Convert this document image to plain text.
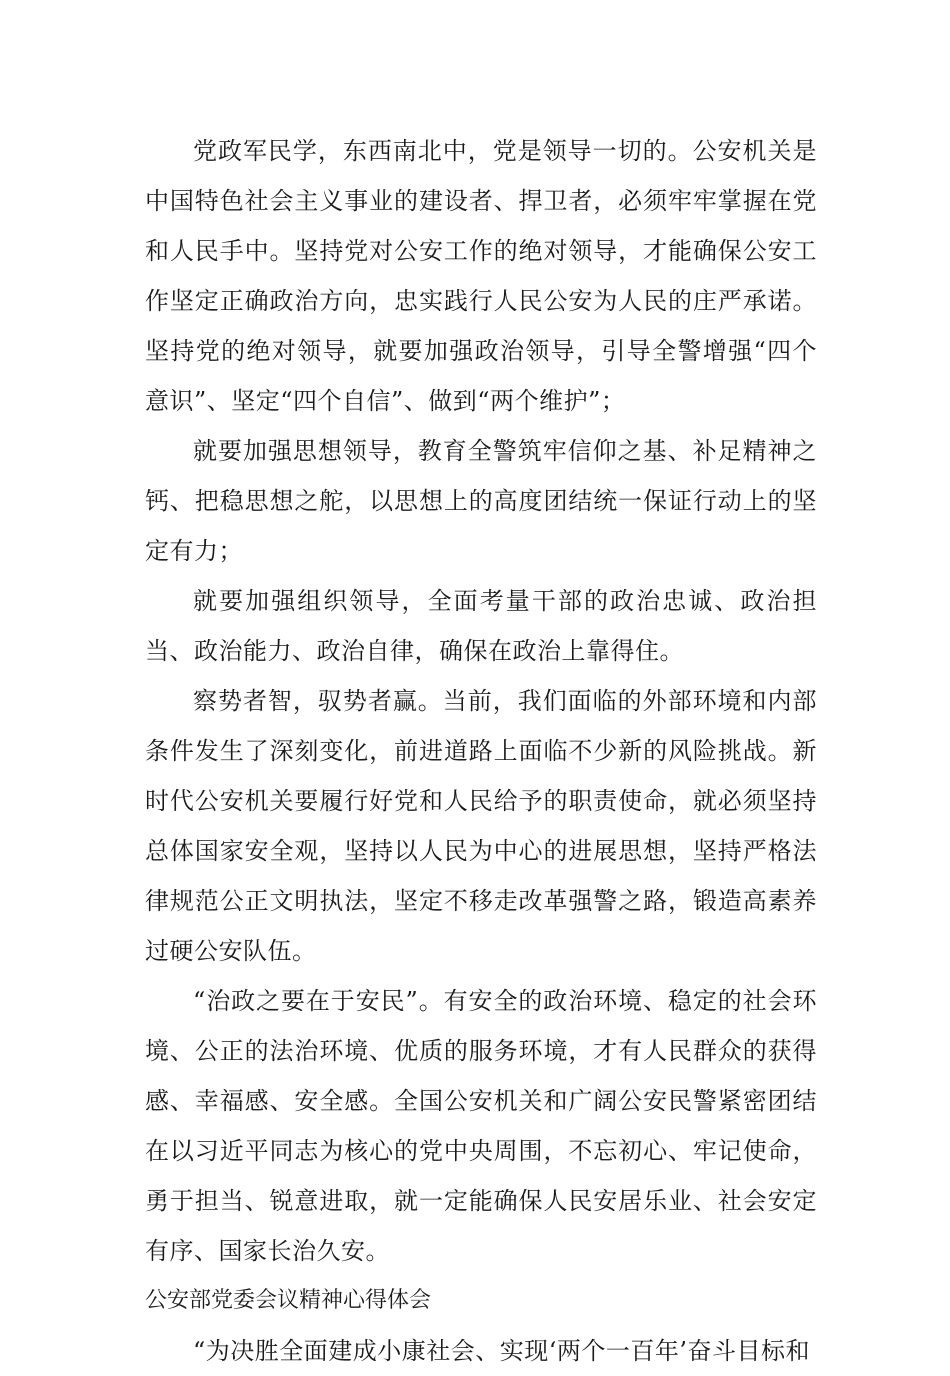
党政军民学，东西南北中，党是领导一切的。公安机关是中国特色社会主义事业的建设者、捍卫者，必须牢牢掌握在党和人民手中。坚持党对公安工作的绝对领导，才能确保公安工作坚定正确政治方向，忠实践行人民公安为人民的庄严承诺。坚持党的绝对领导，就要加强政治领导，引导全警增强“四个意识”、坚定“四个自信”、做到“两个维护”；

就要加强思想领导，教育全警筑牢信仰之基、补足精神之钙、把稳思想之舵，以思想上的高度团结统一保证行动上的坚定有力；

就要加强组织领导，全面考量干部的政治忠诚、政治担当、政治能力、政治自律，确保在政治上靠得住。

察势者智，驭势者赢。当前，我们面临的外部环境和内部条件发生了深刻变化，前进道路上面临不少新的风险挑战。新时代公安机关要履行好党和人民给予的职责使命，就必须坚持总体国家安全观，坚持以人民为中心的进展思想，坚持严格法律规范公正文明执法，坚定不移走改革强警之路，锻造高素养过硬公安队伍。

“治政之要在于安民”。有安全的政治环境、稳定的社会环境、公正的法治环境、优质的服务环境，才有人民群众的获得感、幸福感、安全感。全国公安机关和广阔公安民警紧密团结在以习近平同志为核心的党中央周围，不忘初心、牢记使命，勇于担当、锐意进取，就一定能确保人民安居乐业、社会安定有序、国家长治久安。

公安部党委会议精神心得体会

“为决胜全面建成小康社会、实现‘两个一百年’奋斗目标和
